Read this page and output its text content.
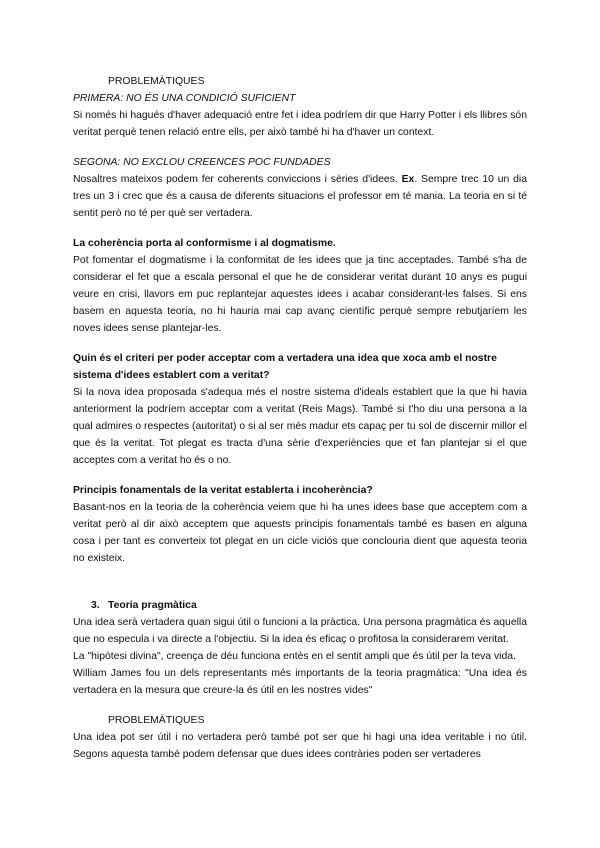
PROBLEMÀTIQUES

PRIMERA: NO ÉS UNA CONDICIÓ SUFICIENT

Si només hi hagués d'haver adequació entre fet i idea podríem dir que Harry Potter i els llibres són veritat perquè tenen relació entre ells, per això també hi ha d'haver un context.

SEGONA: NO EXCLOU CREENCES POC FUNDADES

Nosaltres mateixos podem fer coherents conviccions i sèries d'idees. Ex. Sempre trec 10 un dia tres un 3 i crec que és a causa de diferents situacions el professor em té mania. La teoria en si té sentit però no té per què ser vertadera.

La coherència porta al conformisme i al dogmatisme.

Pot fomentar el dogmatisme i la conformitat de les idees que ja tinc acceptades. També s'ha de considerar el fet que a escala personal el que he de considerar veritat durant 10 anys es pugui veure en crisi, llavors em puc replantejar aquestes idees i acabar considerant-les falses. Si ens basem en aquesta teoria, no hi hauria mai cap avanç científic perquè sempre rebutjaríem les noves idees sense plantejar-les.

Quin és el criteri per poder acceptar com a vertadera una idea que xoca amb el nostre sistema d'idees establert com a veritat?

Si la nova idea proposada s'adequa més el nostre sistema d'ideals establert que la que hi havia anteriorment la podríem acceptar com a veritat (Reis Mags). També si t'ho diu una persona a la qual admires o respectes (autoritat) o si al ser més madur ets capaç per tu sol de discernir millor el que és la veritat. Tot plegat es tracta d'una sèrie d'experiències que et fan plantejar si el que acceptes com a veritat ho és o no.

Principis fonamentals de la veritat establerta i incoherència?

Basant-nos en la teoria de la coherència veiem que hi ha unes idees base que acceptem com a veritat però al dir això acceptem que aquests principis fonamentals també es basen en alguna cosa i per tant es converteix tot plegat en un cicle viciós que conclouria dient que aquesta teoria no existeix.

3. Teoria pragmàtica

Una idea serà vertadera quan sigui útil o funcioni a la pràctica. Una persona pragmàtica és aquella que no especula i va directe a l'objectiu. Si la idea és eficaç o profitosa la considerarem veritat.

La "hipòtesi divina", creença de déu funciona entès en el sentit ampli que és útil per la teva vida.

William James fou un dels representants més importants de la teoria pragmàtica: "Una idea és vertadera en la mesura que creure-la és útil en les nostres vides"

PROBLEMÀTIQUES

Una idea pot ser útil i no vertadera però també pot ser que hi hagi una idea veritable i no útil. Segons aquesta també podem defensar que dues idees contràries poden ser vertaderes
